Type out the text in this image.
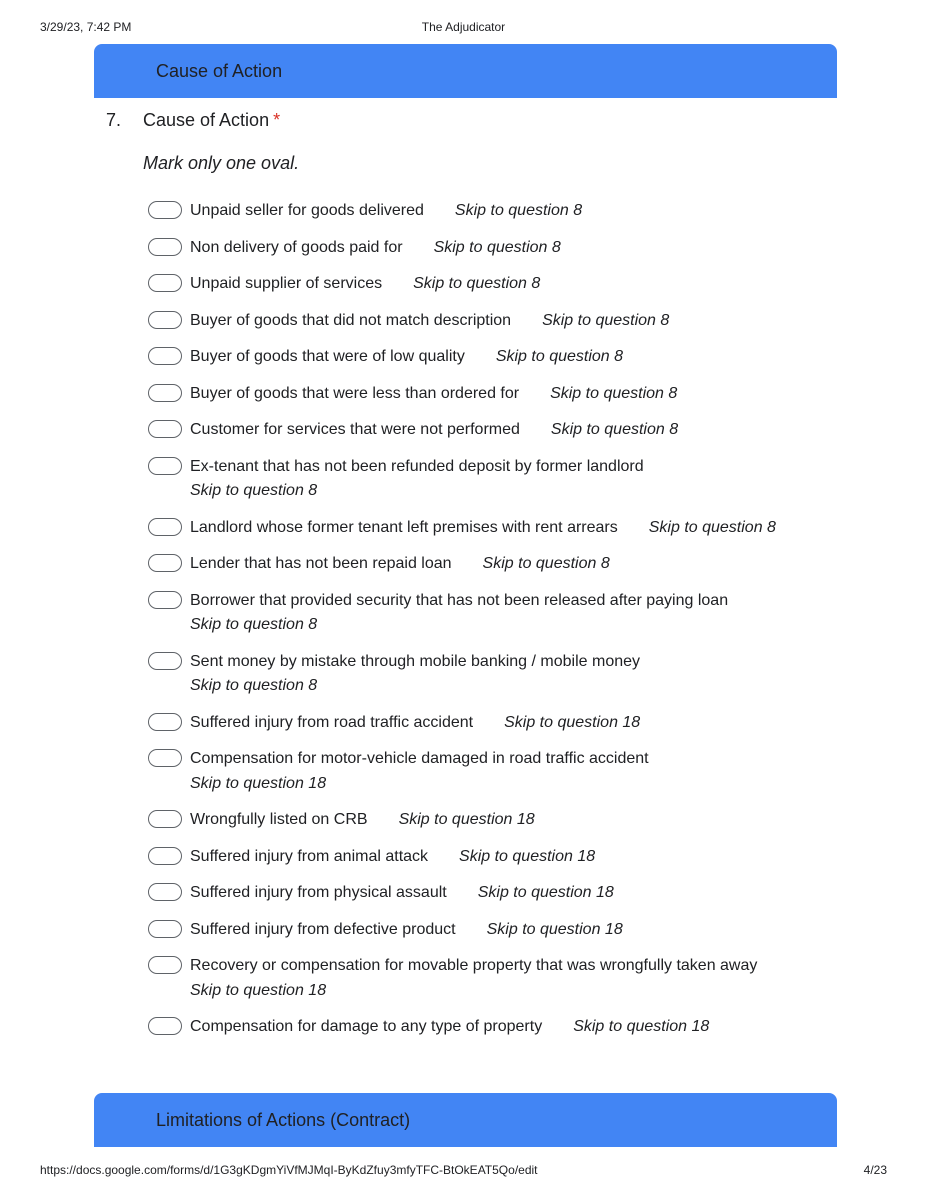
3/29/23, 7:42 PM	The Adjudicator
Cause of Action
7. Cause of Action *
Mark only one oval.
Unpaid seller for goods delivered Skip to question 8
Non delivery of goods paid for Skip to question 8
Unpaid supplier of services Skip to question 8
Buyer of goods that did not match description Skip to question 8
Buyer of goods that were of low quality Skip to question 8
Buyer of goods that were less than ordered for Skip to question 8
Customer for services that were not performed Skip to question 8
Ex-tenant that has not been refunded deposit by former landlord
Skip to question 8
Landlord whose former tenant left premises with rent arrears Skip to question 8
Lender that has not been repaid loan Skip to question 8
Borrower that provided security that has not been released after paying loan
Skip to question 8
Sent money by mistake through mobile banking / mobile money
Skip to question 8
Suffered injury from road traffic accident Skip to question 18
Compensation for motor-vehicle damaged in road traffic accident
Skip to question 18
Wrongfully listed on CRB Skip to question 18
Suffered injury from animal attack Skip to question 18
Suffered injury from physical assault Skip to question 18
Suffered injury from defective product Skip to question 18
Recovery or compensation for movable property that was wrongfully taken away
Skip to question 18
Compensation for damage to any type of property Skip to question 18
Limitations of Actions (Contract)
https://docs.google.com/forms/d/1G3gKDgmYiVfMJMqI-ByKdZfuy3mfyTFC-BtOkEAT5Qo/edit	4/23
